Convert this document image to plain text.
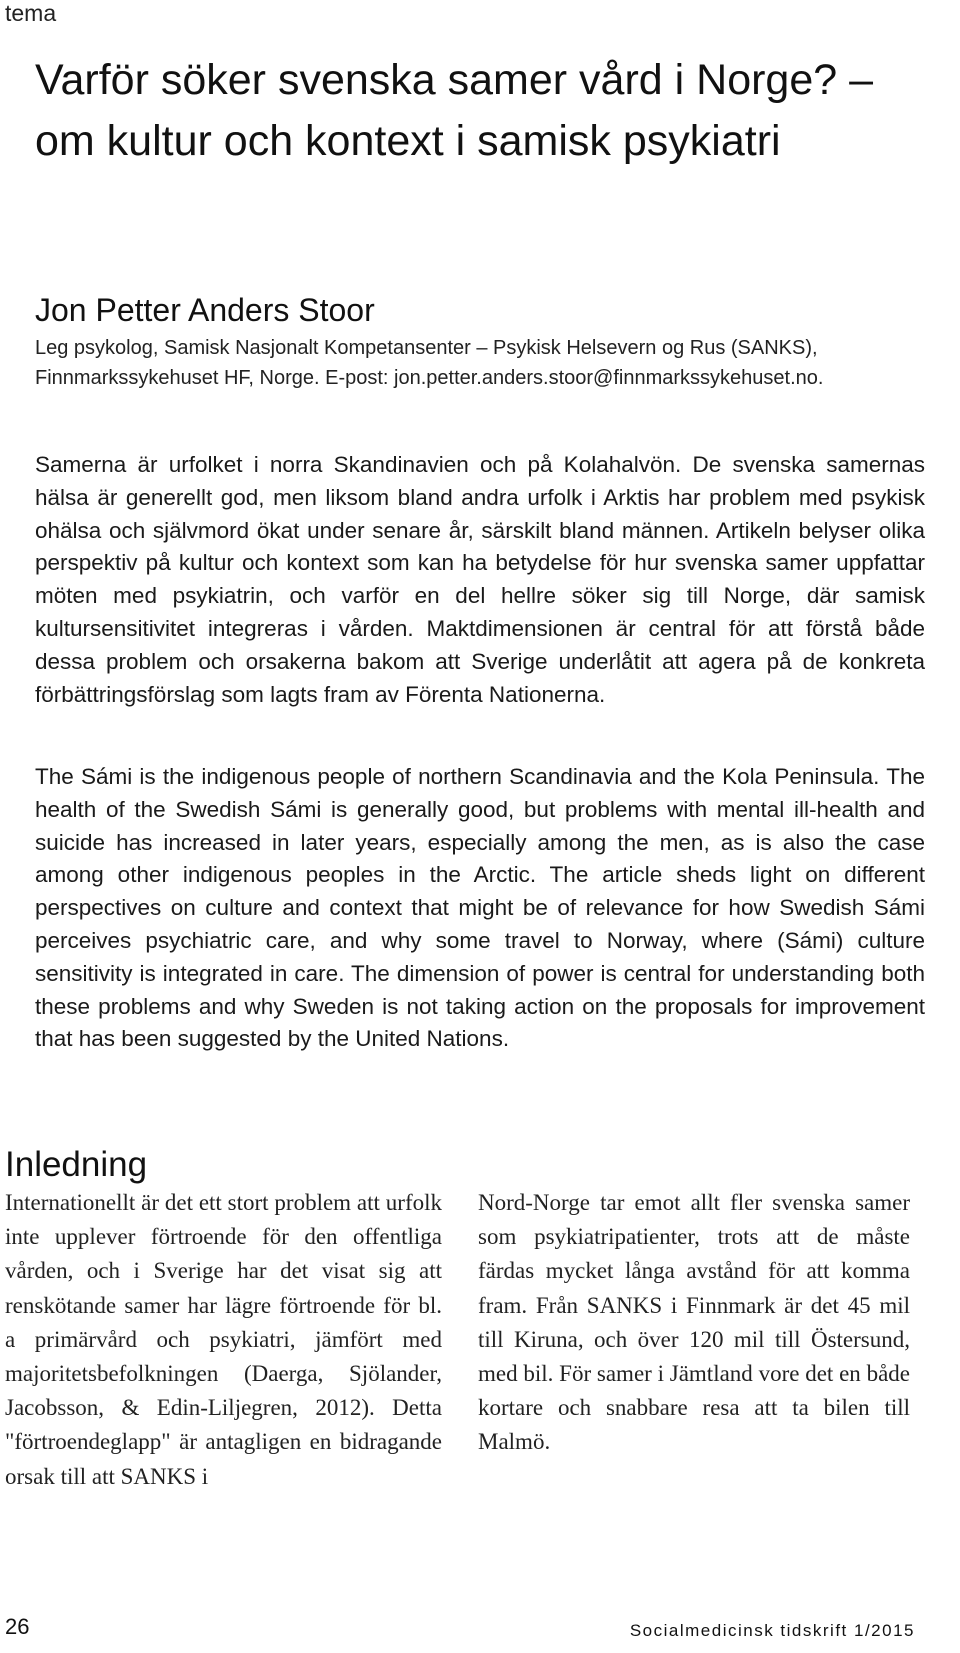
tema
Varför söker svenska samer vård i Norge? – om kultur och kontext i samisk psykiatri
Jon Petter Anders Stoor
Leg psykolog, Samisk Nasjonalt Kompetansenter – Psykisk Helsevern og Rus (SANKS), Finnmarkssykehuset HF, Norge. E-post: jon.petter.anders.stoor@finnmarkssykehuset.no.

Samerna är urfolket i norra Skandinavien och på Kolahalvön. De svenska samernas hälsa är generellt god, men liksom bland andra urfolk i Arktis har problem med psykisk ohälsa och självmord ökat under senare år, särskilt bland männen. Artikeln belyser olika perspektiv på kultur och kontext som kan ha betydelse för hur svenska samer uppfattar möten med psykiatrin, och varför en del hellre söker sig till Norge, där samisk kultursensitivitet integreras i vården. Maktdimensionen är central för att förstå både dessa problem och orsakerna bakom att Sverige underlåtit att agera på de konkreta förbättringsförslag som lagts fram av Förenta Nationerna.

The Sámi is the indigenous people of northern Scandinavia and the Kola Peninsula. The health of the Swedish Sámi is generally good, but problems with mental ill-health and suicide has increased in later years, especially among the men, as is also the case among other indigenous peoples in the Arctic. The article sheds light on different perspectives on culture and context that might be of relevance for how Swedish Sámi perceives psychiatric care, and why some travel to Norway, where (Sámi) culture sensitivity is integrated in care. The dimension of power is central for understanding both these problems and why Sweden is not taking action on the proposals for improvement that has been suggested by the United Nations.

Inledning

Internationellt är det ett stort problem att urfolk inte upplever förtroende för den offentliga vården, och i Sverige har det visat sig att renskötande samer har lägre förtroende för bl. a primärvård och psykiatri, jämfört med majoritetsbefolkningen (Daerga, Sjölander, Jacobsson, & Edin-Liljegren, 2012). Detta "förtroendeglapp" är antagligen en bidragande orsak till att SANKS i

Nord-Norge tar emot allt fler svenska samer som psykiatripatienter, trots att de måste färdas mycket långa avstånd för att komma fram. Från SANKS i Finnmark är det 45 mil till Kiruna, och över 120 mil till Östersund, med bil. För samer i Jämtland vore det en både kortare och snabbare resa att ta bilen till Malmö.

26	Socialmedicinsk tidskrift 1/2015
